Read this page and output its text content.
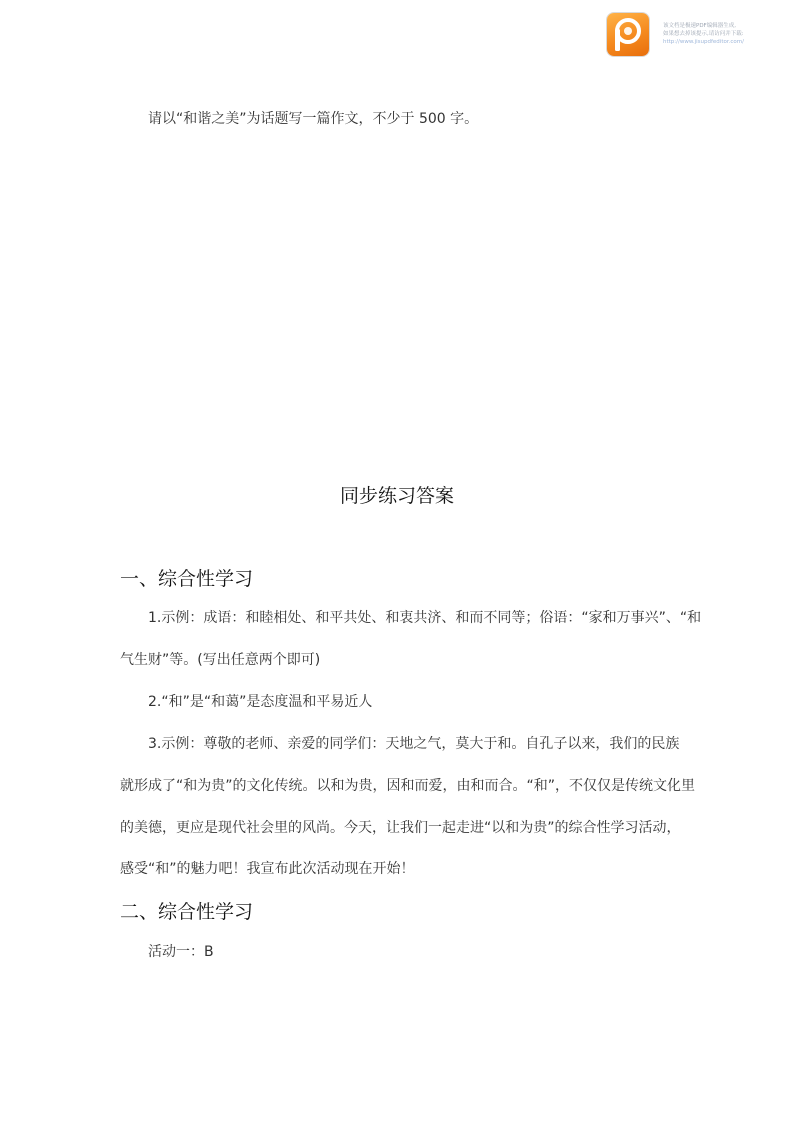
该文档是极速PDF编辑器生成,
如果想去掉该提示,请访问并下载:
http://www.jisupdfeditor.com/
请以“和谐之美”为话题写一篇作文，不少于 500 字。
同步练习答案
一、综合性学习
1.示例：成语：和睦相处、和平共处、和衷共济、和而不同等；俗语：“家和万事兴”、“和
气生财”等。(写出任意两个即可)
2.“和”是“和蔼”是态度温和平易近人
3.示例：尊敬的老师、亲爱的同学们：天地之气，莫大于和。自孔子以来，我们的民族
就形成了“和为贵”的文化传统。以和为贵，因和而爱，由和而合。“和”，不仅仅是传统文化里
的美德，更应是现代社会里的风尚。今天，让我们一起走进“以和为贵”的综合性学习活动，
感受“和”的魅力吧！我宣布此次活动现在开始！
二、综合性学习
活动一：B
